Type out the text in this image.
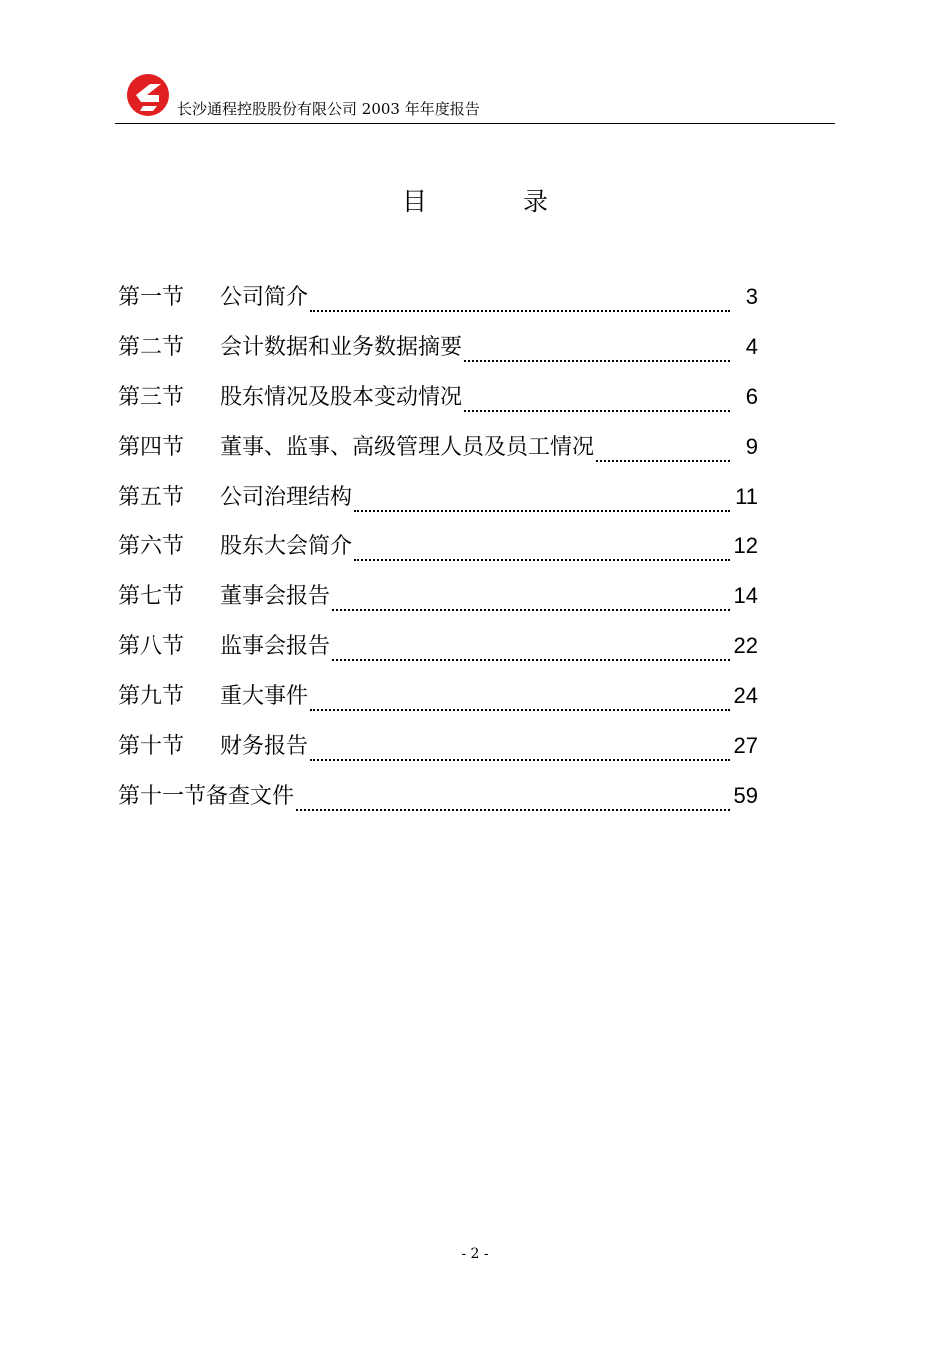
长沙通程控股股份有限公司 2003 年年度报告
目 录
第一节	公司简介	3
第二节	会计数据和业务数据摘要	4
第三节	股东情况及股本变动情况	6
第四节	董事、监事、高级管理人员及员工情况	9
第五节	公司治理结构	11
第六节	股东大会简介	12
第七节	董事会报告	14
第八节	监事会报告	22
第九节	重大事件	24
第十节	财务报告	27
第十一节 备查文件	59
- 2 -
